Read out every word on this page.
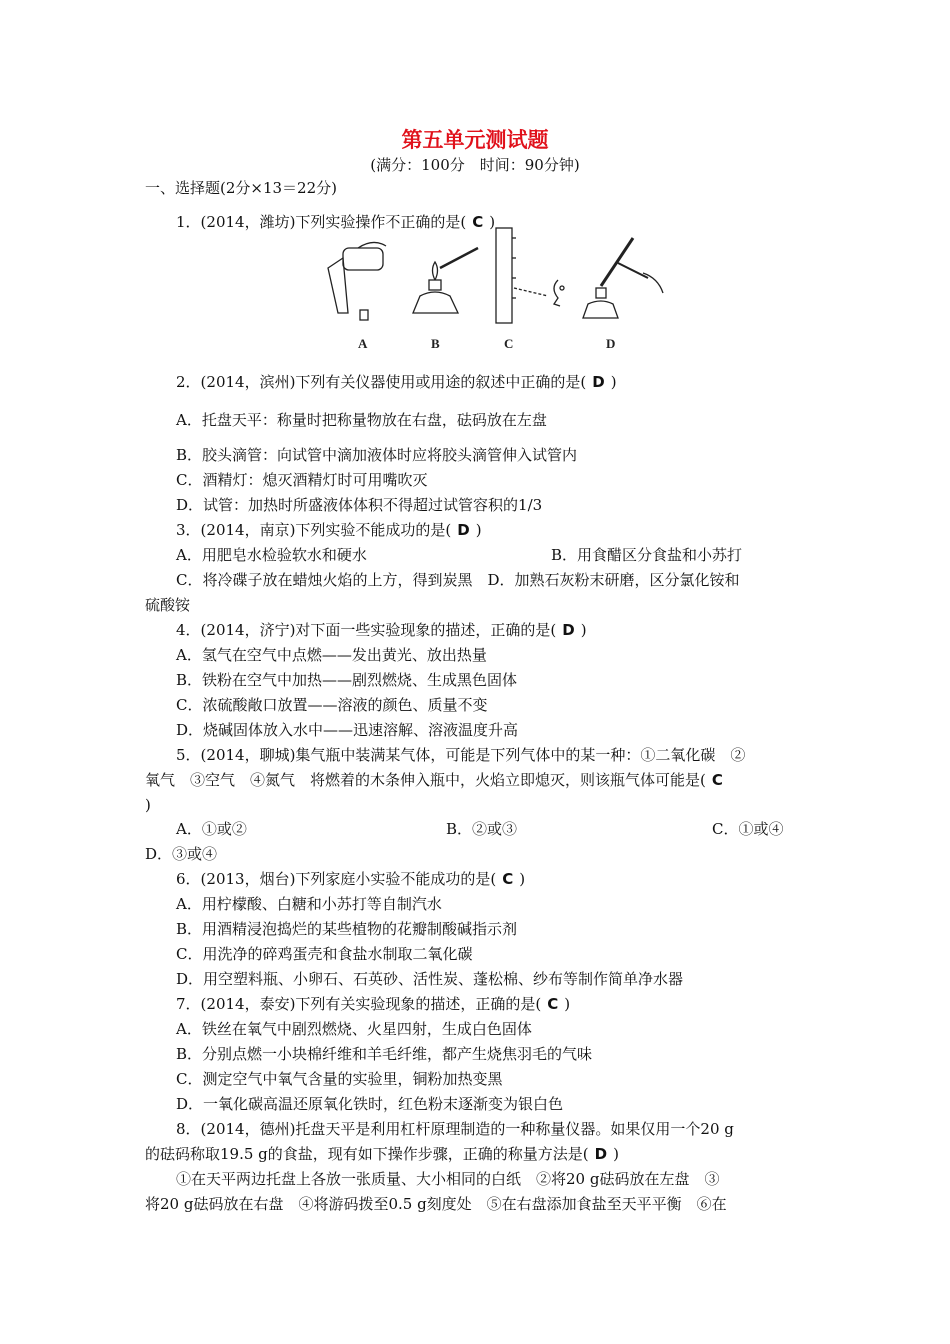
第五单元测试题
(满分：100分　时间：90分钟)
一、选择题(2分×13＝22分)
1．(2014，潍坊)下列实验操作不正确的是( C )
A	B	C	D
2．(2014，滨州)下列有关仪器使用或用途的叙述中正确的是( D )
A．托盘天平：称量时把称量物放在右盘，砝码放在左盘
B．胶头滴管：向试管中滴加液体时应将胶头滴管伸入试管内
C．酒精灯：熄灭酒精灯时可用嘴吹灭
D．试管：加热时所盛液体体积不得超过试管容积的1/3
3．(2014，南京)下列实验不能成功的是( D )
A．用肥皂水检验软水和硬水	B．用食醋区分食盐和小苏打
C．将冷碟子放在蜡烛火焰的上方，得到炭黑　D．加熟石灰粉末研磨，区分氯化铵和
硫酸铵
4．(2014，济宁)对下面一些实验现象的描述，正确的是( D )
A．氢气在空气中点燃——发出黄光、放出热量
B．铁粉在空气中加热——剧烈燃烧、生成黑色固体
C．浓硫酸敞口放置——溶液的颜色、质量不变
D．烧碱固体放入水中——迅速溶解、溶液温度升高
5．(2014，聊城)集气瓶中装满某气体，可能是下列气体中的某一种：①二氧化碳　②
氧气　③空气　④氮气　将燃着的木条伸入瓶中，火焰立即熄灭，则该瓶气体可能是( C
)
A．①或②	B．②或③	C．①或④
D．③或④
6．(2013，烟台)下列家庭小实验不能成功的是( C )
A．用柠檬酸、白糖和小苏打等自制汽水
B．用酒精浸泡捣烂的某些植物的花瓣制酸碱指示剂
C．用洗净的碎鸡蛋壳和食盐水制取二氧化碳
D．用空塑料瓶、小卵石、石英砂、活性炭、蓬松棉、纱布等制作简单净水器
7．(2014，泰安)下列有关实验现象的描述，正确的是( C )
A．铁丝在氧气中剧烈燃烧、火星四射，生成白色固体
B．分别点燃一小块棉纤维和羊毛纤维，都产生烧焦羽毛的气味
C．测定空气中氧气含量的实验里，铜粉加热变黑
D．一氧化碳高温还原氧化铁时，红色粉末逐渐变为银白色
8．(2014，德州)托盘天平是利用杠杆原理制造的一种称量仪器。如果仅用一个20 g
的砝码称取19.5 g的食盐，现有如下操作步骤，正确的称量方法是( D )
①在天平两边托盘上各放一张质量、大小相同的白纸　②将20 g砝码放在左盘　③
将20 g砝码放在右盘　④将游码拨至0.5 g刻度处　⑤在右盘添加食盐至天平平衡　⑥在
